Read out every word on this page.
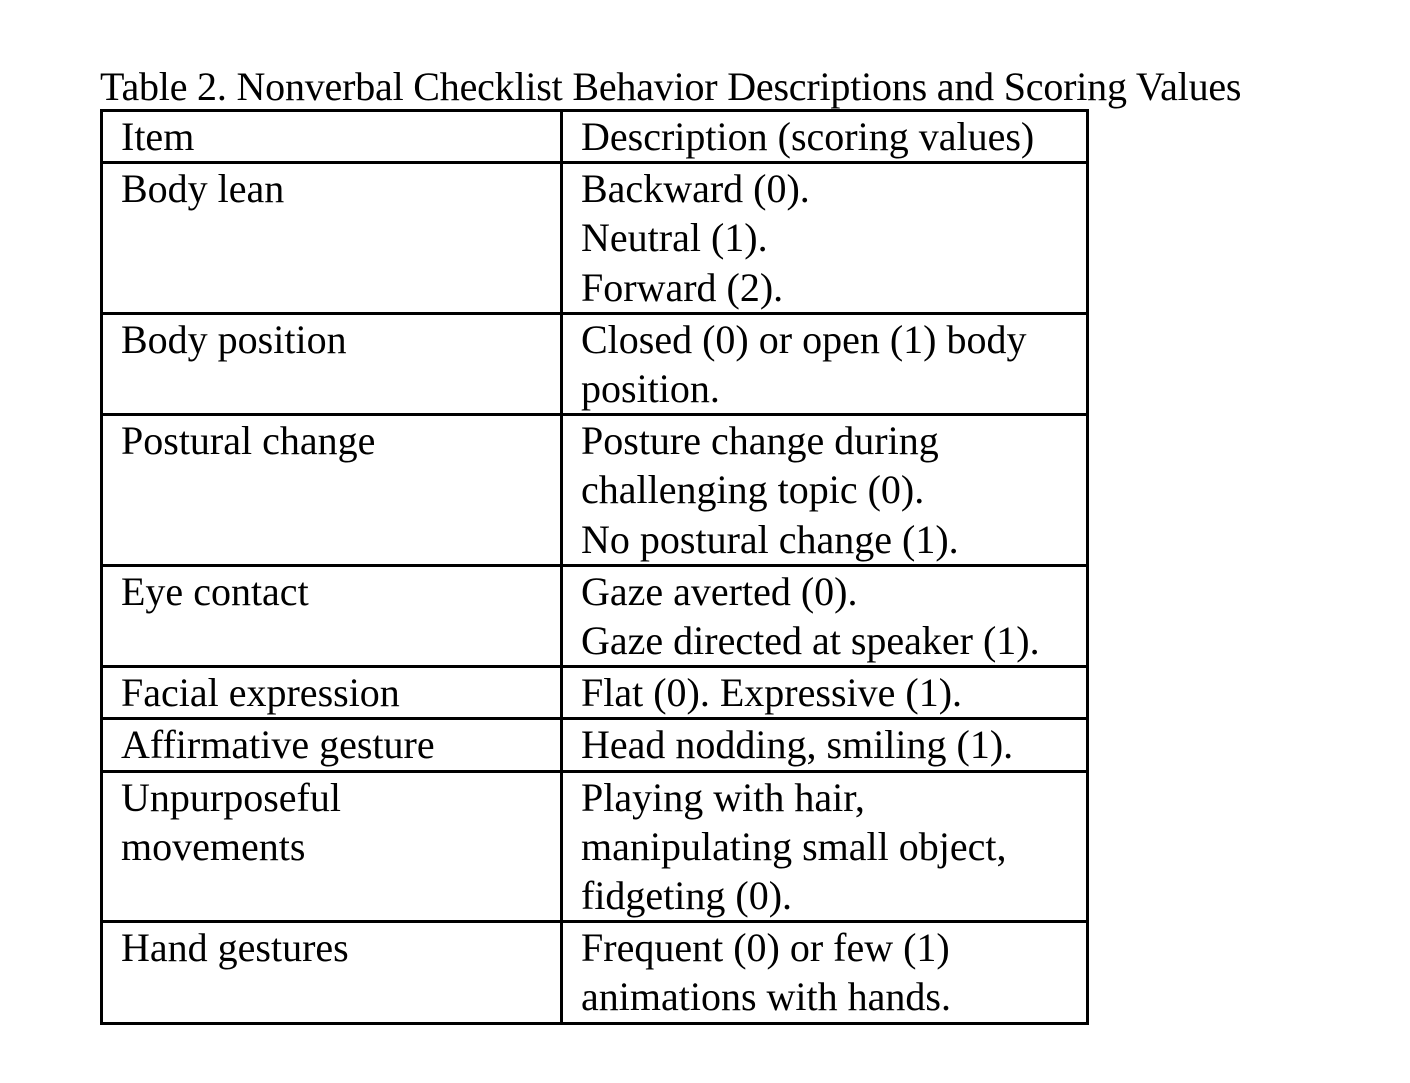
Table 2. Nonverbal Checklist Behavior Descriptions and Scoring Values
Item	Description (scoring values)

Body lean	Backward (0).
Neutral (1).
Forward (2).

Body position	Closed (0) or open (1) body
position.

Postural change	Posture change during
challenging topic (0).
No postural change (1).

Eye contact	Gaze averted (0).
Gaze directed at speaker (1).

Facial expression	Flat (0). Expressive (1).

Affirmative gesture	Head nodding, smiling (1).

Unpurposeful
movements	Playing with hair,
manipulating small object,
fidgeting (0).

Hand gestures	Frequent (0) or few (1)
animations with hands.
